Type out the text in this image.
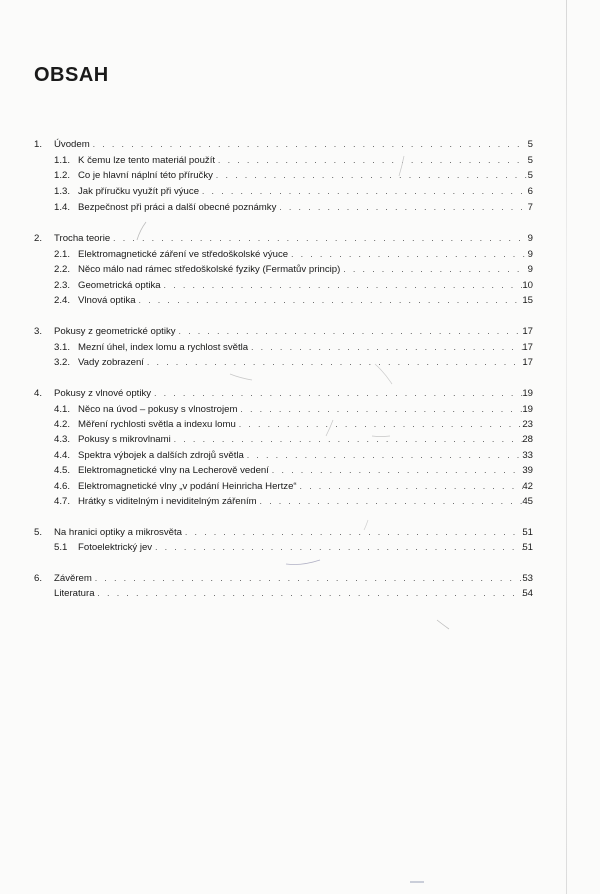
OBSAH
1. Úvodem . . .	5
1.1. K čemu lze tento materiál použít . . .	5
1.2. Co je hlavní náplní této příručky . . .	5
1.3. Jak příručku využít při výuce . . .	6
1.4. Bezpečnost při práci a další obecné poznámky . . .	7
2. Trocha teorie . . .	9
2.1. Elektromagnetické záření ve středoškolské výuce . . .	9
2.2. Něco málo nad rámec středoškolské fyziky (Fermatův princip) . . .	9
2.3. Geometrická optika . . .	10
2.4. Vlnová optika . . .	15
3. Pokusy z geometrické optiky . . .	17
3.1. Mezní úhel, index lomu a rychlost světla . . .	17
3.2. Vady zobrazení . . .	17
4. Pokusy z vlnové optiky . . .	19
4.1. Něco na úvod – pokusy s vlnostrojem . . .	19
4.2. Měření rychlosti světla a indexu lomu . . .	23
4.3. Pokusy s mikrovlnami . . .	28
4.4. Spektra výbojek a dalších zdrojů světla . . .	33
4.5. Elektromagnetické vlny na Lecherově vedení . . .	39
4.6. Elektromagnetické vlny „v podání Heinricha Hertze“ . . .	42
4.7. Hrátky s viditelným i neviditelným zářením . . .	45
5. Na hranici optiky a mikrosvěta . . .	51
5.1 Fotoelektrický jev . . .	51
6. Závěrem . . .	53
Literatura . . .	54
